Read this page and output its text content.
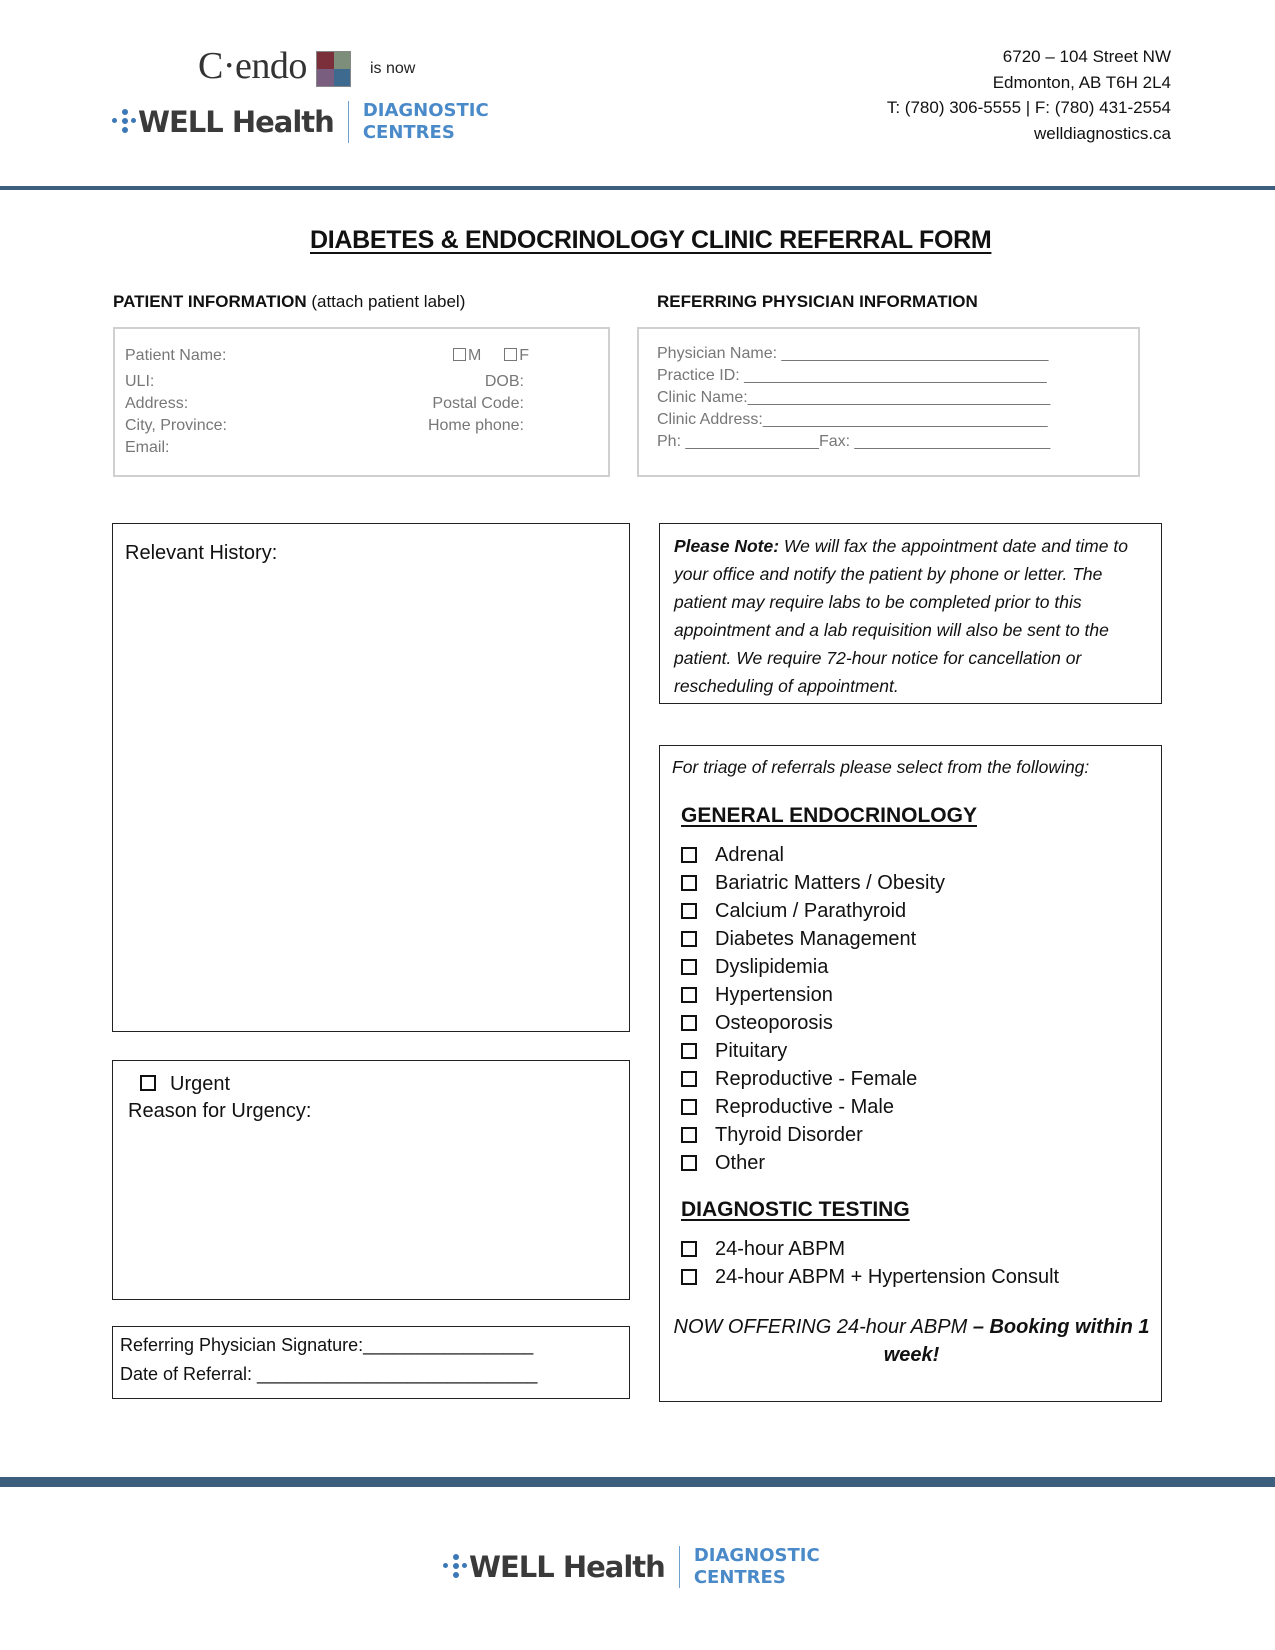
C·endo	is now
WELL Health DIAGNOSTIC
CENTRES
6720 – 104 Street NW
Edmonton, AB T6H 2L4
T: (780) 306-5555 | F: (780) 431-2554
welldiagnostics.ca
DIABETES & ENDOCRINOLOGY CLINIC REFERRAL FORM
PATIENT INFORMATION (attach patient label)
Patient Name:	M F
ULI:	DOB:
Address:	Postal Code:
City, Province:	Home phone:
Email:
REFERRING PHYSICIAN INFORMATION
Physician Name: ______________________________
Practice ID: __________________________________
Clinic Name:__________________________________
Clinic Address:________________________________
Ph: _______________Fax: ______________________
Relevant History:
Urgent
Reason for Urgency:
Referring Physician Signature:_________________
Date of Referral: ____________________________
Please Note: We will fax the appointment date and time to your office and notify the patient by phone or letter. The patient may require labs to be completed prior to this appointment and a lab requisition will also be sent to the patient. We require 72-hour notice for cancellation or rescheduling of appointment.
For triage of referrals please select from the following:
GENERAL ENDOCRINOLOGY
Adrenal
Bariatric Matters / Obesity
Calcium / Parathyroid
Diabetes Management
Dyslipidemia
Hypertension
Osteoporosis
Pituitary
Reproductive - Female
Reproductive - Male
Thyroid Disorder
Other
DIAGNOSTIC TESTING
24-hour ABPM
24-hour ABPM + Hypertension Consult
NOW OFFERING 24-hour ABPM – Booking within 1 week!
WELL Health DIAGNOSTIC
CENTRES
